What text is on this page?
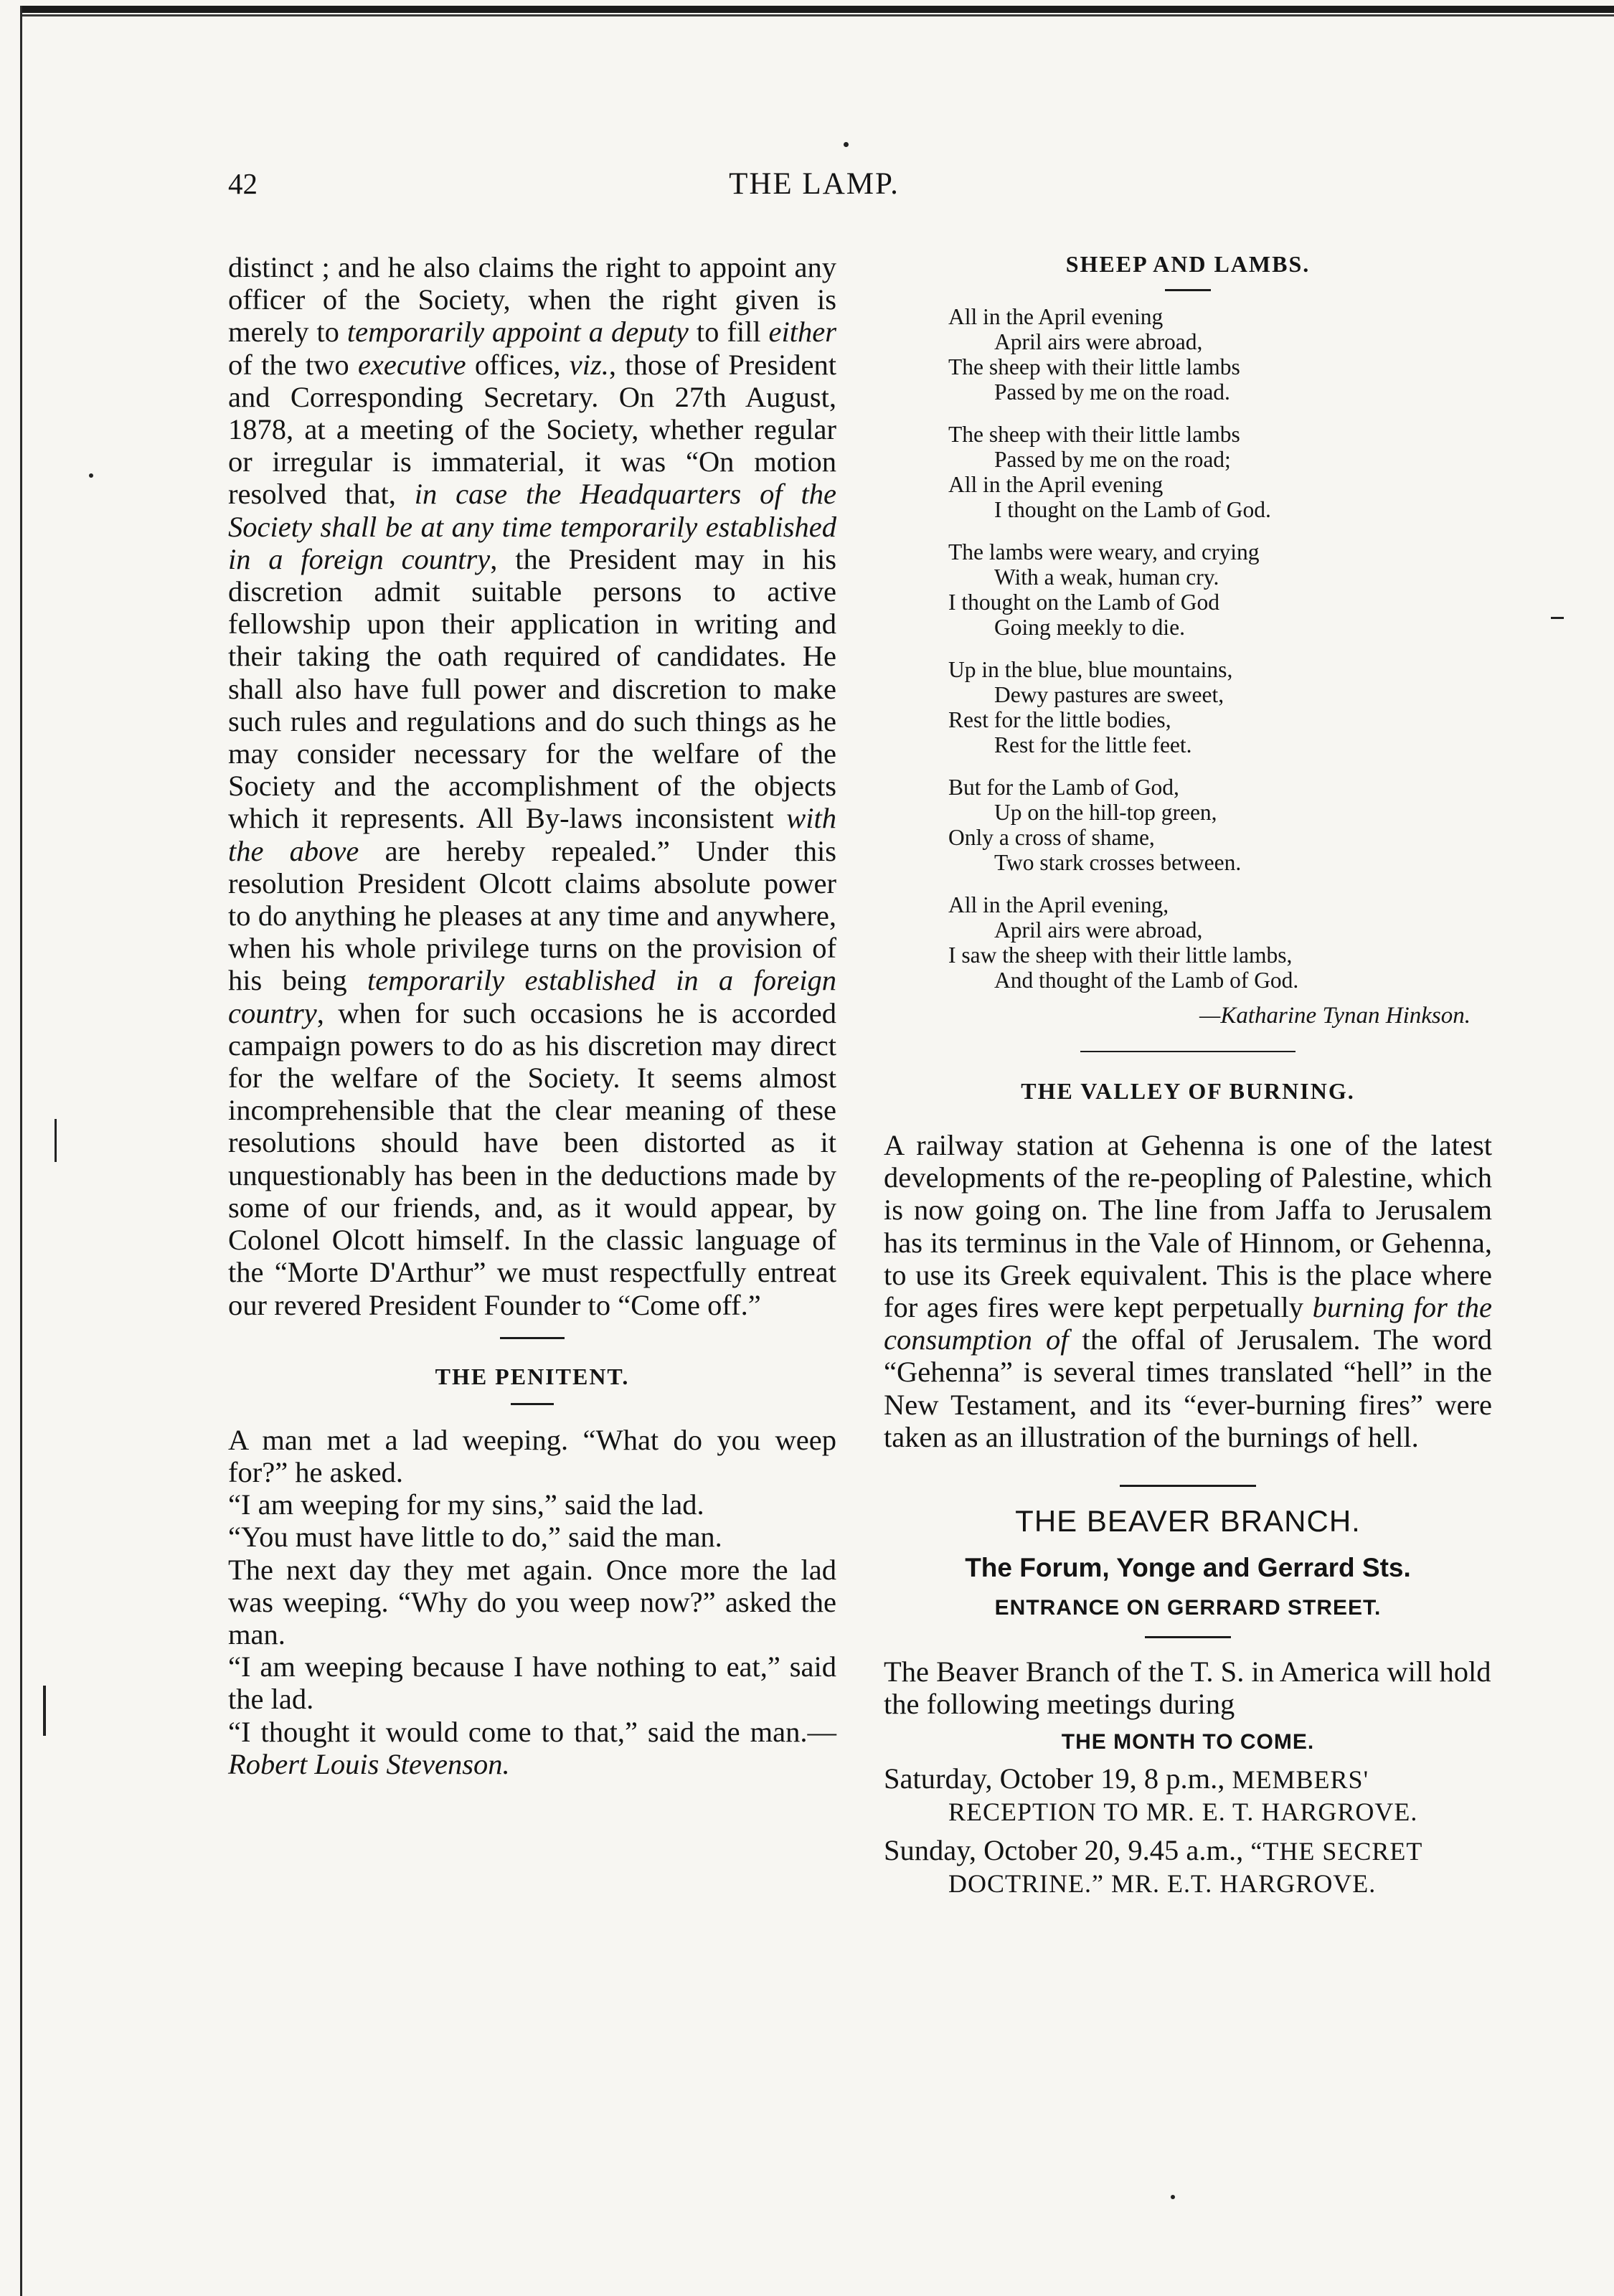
42	THE LAMP.

distinct ; and he also claims the right to appoint any officer of the Society, when the right given is merely to temporarily appoint a deputy to fill either of the two executive offices, viz., those of President and Corresponding Secretary. On 27th August, 1878, at a meeting of the Society, whether regular or irregular is immaterial, it was “On motion resolved that, in case the Headquarters of the Society shall be at any time temporarily established in a foreign country, the President may in his discretion admit suitable persons to active fellowship upon their application in writing and their taking the oath required of candidates. He shall also have full power and discretion to make such rules and regulations and do such things as he may consider necessary for the welfare of the Society and the accomplishment of the objects which it represents. All By-laws inconsistent with the above are hereby repealed.” Under this resolution President Olcott claims absolute power to do anything he pleases at any time and anywhere, when his whole privilege turns on the provision of his being temporarily established in a foreign country, when for such occasions he is accorded campaign powers to do as his discretion may direct for the welfare of the Society. It seems almost incomprehensible that the clear meaning of these resolutions should have been distorted as it unquestionably has been in the deductions made by some of our friends, and, as it would appear, by Colonel Olcott himself. In the classic language of the “Morte D'Arthur” we must respectfully entreat our revered President Founder to “Come off.”

THE PENITENT.

A man met a lad weeping. “What do you weep for?” he asked.

“I am weeping for my sins,” said the lad.

“You must have little to do,” said the man.

The next day they met again. Once more the lad was weeping. “Why do you weep now?” asked the man.

“I am weeping because I have nothing to eat,” said the lad.

“I thought it would come to that,” said the man.—Robert Louis Stevenson.

SHEEP AND LAMBS.
All in the April evening
April airs were abroad,
The sheep with their little lambs
Passed by me on the road.
The sheep with their little lambs
Passed by me on the road;
All in the April evening
I thought on the Lamb of God.
The lambs were weary, and crying
With a weak, human cry.
I thought on the Lamb of God
Going meekly to die.
Up in the blue, blue mountains,
Dewy pastures are sweet,
Rest for the little bodies,
Rest for the little feet.
But for the Lamb of God,
Up on the hill-top green,
Only a cross of shame,
Two stark crosses between.
All in the April evening,
April airs were abroad,
I saw the sheep with their little lambs,
And thought of the Lamb of God.
—Katharine Tynan Hinkson.
THE VALLEY OF BURNING.

A railway station at Gehenna is one of the latest developments of the re-peopling of Palestine, which is now going on. The line from Jaffa to Jerusalem has its terminus in the Vale of Hinnom, or Gehenna, to use its Greek equivalent. This is the place where for ages fires were kept perpetually burning for the consumption of the offal of Jerusalem. The word “Gehenna” is several times translated “hell” in the New Testament, and its “ever-burning fires” were taken as an illustration of the burnings of hell.

THE BEAVER BRANCH.
The Forum, Yonge and Gerrard Sts.
ENTRANCE ON GERRARD STREET.

The Beaver Branch of the T. S. in America will hold the following meetings during

THE MONTH TO COME.
Saturday, October 19, 8 p.m., MEMBERS' RECEPTION TO MR. E. T. HARGROVE.
Sunday, October 20, 9.45 a.m., “THE SECRET DOCTRINE.” MR. E.T. HARGROVE.
